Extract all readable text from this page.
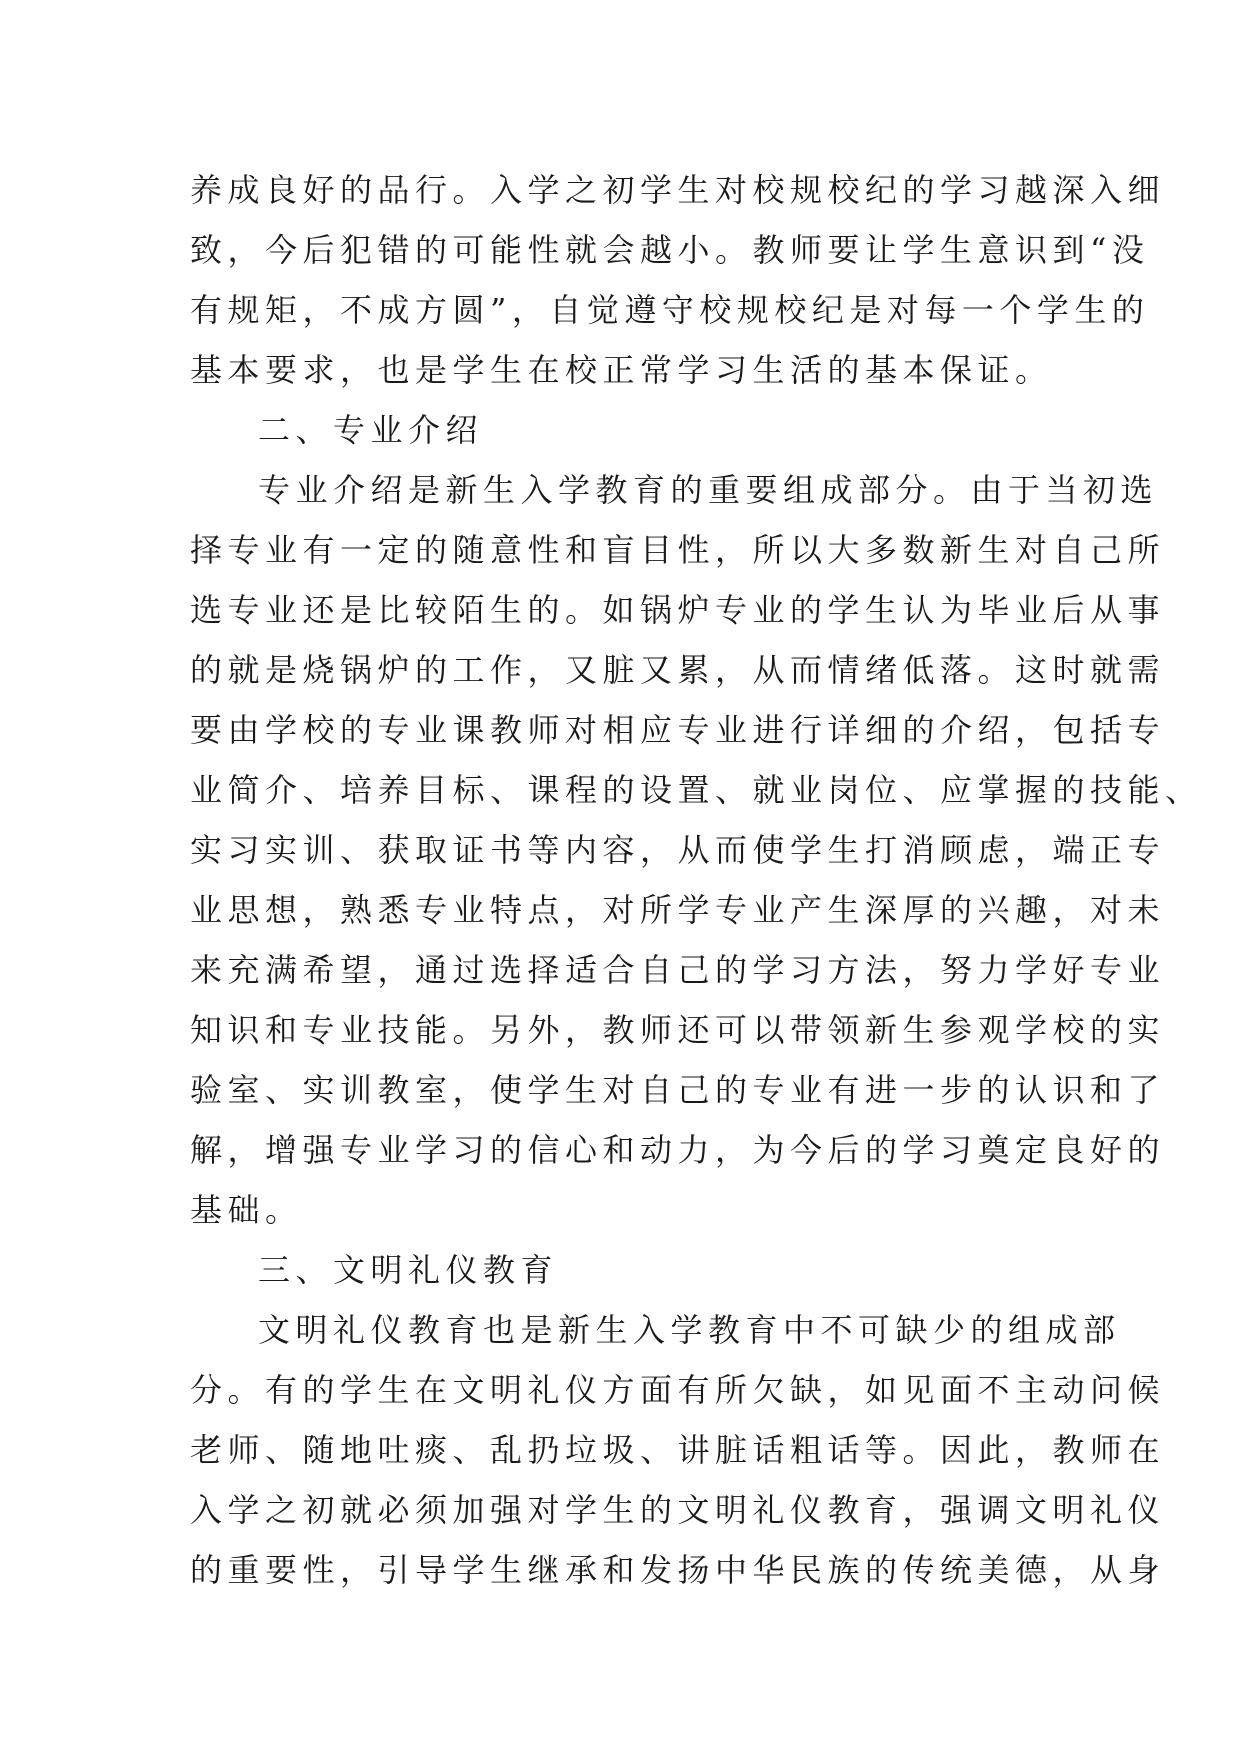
养成良好的品行。入学之初学生对校规校纪的学习越深入细
致，今后犯错的可能性就会越小。教师要让学生意识到“没
有规矩，不成方圆”，自觉遵守校规校纪是对每一个学生的
基本要求，也是学生在校正常学习生活的基本保证。
二、专业介绍
专业介绍是新生入学教育的重要组成部分。由于当初选
择专业有一定的随意性和盲目性，所以大多数新生对自己所
选专业还是比较陌生的。如锅炉专业的学生认为毕业后从事
的就是烧锅炉的工作，又脏又累，从而情绪低落。这时就需
要由学校的专业课教师对相应专业进行详细的介绍，包括专
业简介、培养目标、课程的设置、就业岗位、应掌握的技能、
实习实训、获取证书等内容，从而使学生打消顾虑，端正专
业思想，熟悉专业特点，对所学专业产生深厚的兴趣，对未
来充满希望，通过选择适合自己的学习方法，努力学好专业
知识和专业技能。另外，教师还可以带领新生参观学校的实
验室、实训教室，使学生对自己的专业有进一步的认识和了
解，增强专业学习的信心和动力，为今后的学习奠定良好的
基础。
三、文明礼仪教育
文明礼仪教育也是新生入学教育中不可缺少的组成部
分。有的学生在文明礼仪方面有所欠缺，如见面不主动问候
老师、随地吐痰、乱扔垃圾、讲脏话粗话等。因此，教师在
入学之初就必须加强对学生的文明礼仪教育，强调文明礼仪
的重要性，引导学生继承和发扬中华民族的传统美德，从身
